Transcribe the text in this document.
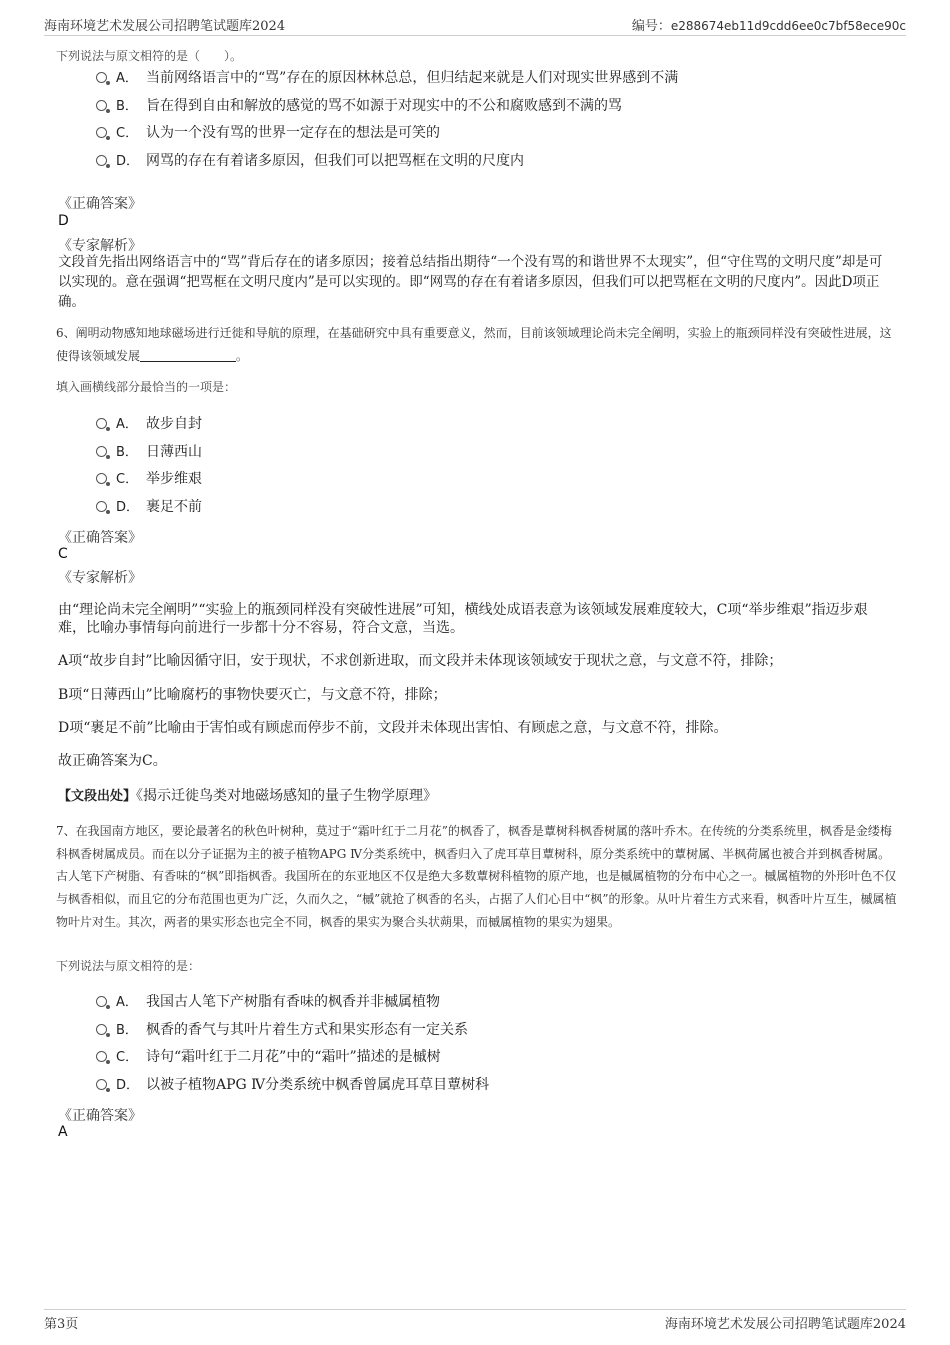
海南环境艺术发展公司招聘笔试题库2024	编号：e288674eb11d9cdd6ee0c7bf58ece90c
下列说法与原文相符的是（　　）。
A． 当前网络语言中的“骂”存在的原因林林总总，但归结起来就是人们对现实世界感到不满
B． 旨在得到自由和解放的感觉的骂不如源于对现实中的不公和腐败感到不满的骂
C． 认为一个没有骂的世界一定存在的想法是可笑的
D． 网骂的存在有着诸多原因，但我们可以把骂框在文明的尺度内
《正确答案》
D
《专家解析》
文段首先指出网络语言中的“骂”背后存在的诸多原因；接着总结指出期待“一个没有骂的和谐世界不太现实”，但“守住骂的文明尺度”却是可以实现的。意在强调“把骂框在文明尺度内”是可以实现的。即“网骂的存在有着诸多原因，但我们可以把骂框在文明的尺度内”。因此D项正确。
6、阐明动物感知地球磁场进行迁徙和导航的原理，在基础研究中具有重要意义，然而，目前该领域理论尚未完全阐明，实验上的瓶颈同样没有突破性进展，这使得该领域发展	。
填入画横线部分最恰当的一项是：
A． 故步自封
B． 日薄西山
C． 举步维艰
D． 裹足不前
《正确答案》
C
《专家解析》
由“理论尚未完全阐明”“实验上的瓶颈同样没有突破性进展”可知，横线处成语表意为该领域发展难度较大，C项“举步维艰”指迈步艰难，比喻办事情每向前进行一步都十分不容易，符合文意，当选。
A项“故步自封”比喻因循守旧，安于现状，不求创新进取，而文段并未体现该领域安于现状之意，与文意不符，排除；
B项“日薄西山”比喻腐朽的事物快要灭亡，与文意不符，排除；
D项“裹足不前”比喻由于害怕或有顾虑而停步不前，文段并未体现出害怕、有顾虑之意，与文意不符，排除。
故正确答案为C。
【文段出处】《揭示迁徙鸟类对地磁场感知的量子生物学原理》
7、在我国南方地区，要论最著名的秋色叶树种，莫过于“霜叶红于二月花”的枫香了，枫香是蕈树科枫香树属的落叶乔木。在传统的分类系统里，枫香是金缕梅科枫香树属成员。而在以分子证据为主的被子植物APG Ⅳ分类系统中，枫香归入了虎耳草目蕈树科，原分类系统中的蕈树属、半枫荷属也被合并到枫香树属。古人笔下产树脂、有香味的“枫”即指枫香。我国所在的东亚地区不仅是绝大多数蕈树科植物的原产地，也是槭属植物的分布中心之一。槭属植物的外形叶色不仅与枫香相似，而且它的分布范围也更为广泛，久而久之，“槭”就抢了枫香的名头，占据了人们心目中“枫”的形象。从叶片着生方式来看，枫香叶片互生，槭属植物叶片对生。其次，两者的果实形态也完全不同，枫香的果实为聚合头状蒴果，而槭属植物的果实为翅果。
下列说法与原文相符的是：
A． 我国古人笔下产树脂有香味的枫香并非槭属植物
B． 枫香的香气与其叶片着生方式和果实形态有一定关系
C． 诗句“霜叶红于二月花”中的“霜叶”描述的是槭树
D． 以被子植物APG Ⅳ分类系统中枫香曾属虎耳草目蕈树科
《正确答案》
A
第3页	海南环境艺术发展公司招聘笔试题库2024
